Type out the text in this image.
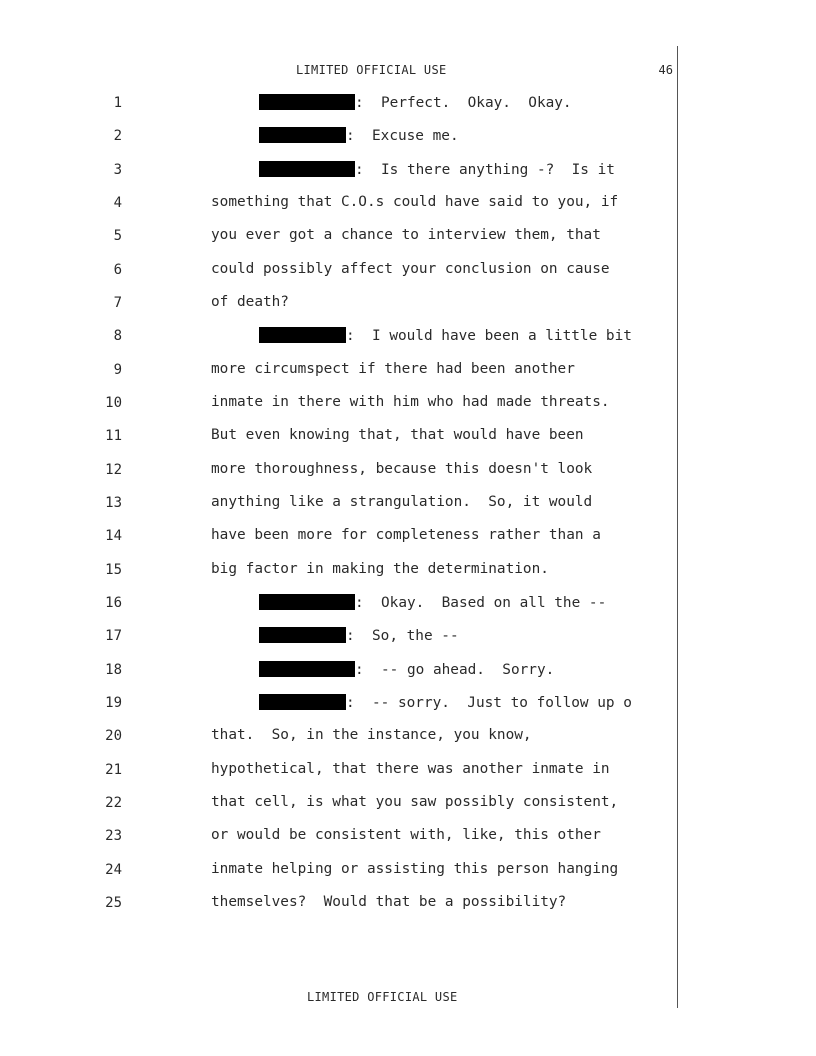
LIMITED OFFICIAL USE	46
1	:  Perfect.  Okay.  Okay.
2	:  Excuse me.
3	:  Is there anything -?  Is it
4	something that C.O.s could have said to you, if
5	you ever got a chance to interview them, that
6	could possibly affect your conclusion on cause
7	of death?
8	:  I would have been a little bit
9	more circumspect if there had been another
10	inmate in there with him who had made threats.
11	But even knowing that, that would have been
12	more thoroughness, because this doesn't look
13	anything like a strangulation.  So, it would
14	have been more for completeness rather than a
15	big factor in making the determination.
16	:  Okay.  Based on all the --
17	:  So, the --
18	:  -- go ahead.  Sorry.
19	:  -- sorry.  Just to follow up o
20	that.  So, in the instance, you know,
21	hypothetical, that there was another inmate in
22	that cell, is what you saw possibly consistent,
23	or would be consistent with, like, this other
24	inmate helping or assisting this person hanging
25	themselves?  Would that be a possibility?
LIMITED OFFICIAL USE
